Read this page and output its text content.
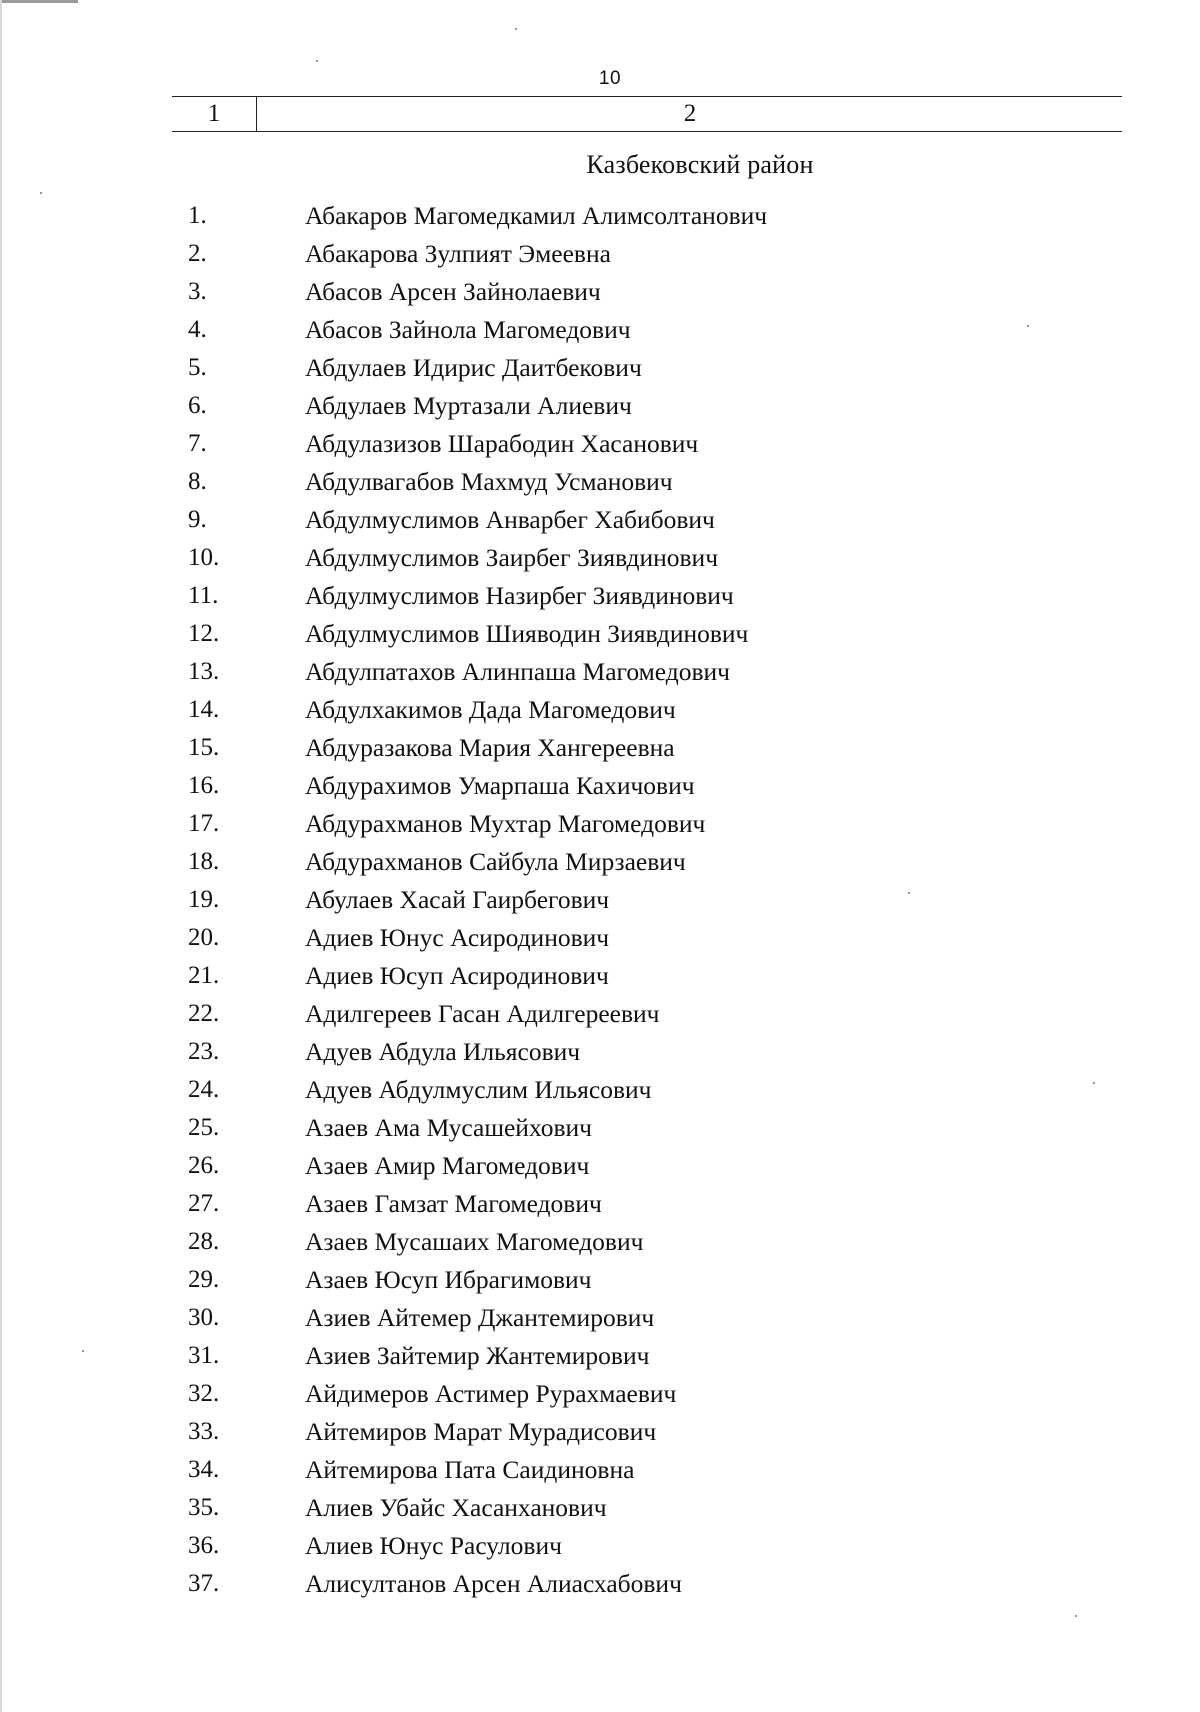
10
1	2
Казбековский район
1.	Абакаров Магомедкамил Алимсолтанович
2.	Абакарова Зулпият Эмеевна
3.	Абасов Арсен Зайнолаевич
4.	Абасов Зайнола Магомедович
5.	Абдулаев Идирис Даитбекович
6.	Абдулаев Муртазали Алиевич
7.	Абдулазизов Шарабодин Хасанович
8.	Абдулвагабов Махмуд Усманович
9.	Абдулмуслимов Анварбег Хабибович
10.	Абдулмуслимов Заирбег Зиявдинович
11.	Абдулмуслимов Назирбег Зиявдинович
12.	Абдулмуслимов Шияводин Зиявдинович
13.	Абдулпатахов Алинпаша Магомедович
14.	Абдулхакимов Дада Магомедович
15.	Абдуразакова Мария Хангереевна
16.	Абдурахимов Умарпаша Кахичович
17.	Абдурахманов Мухтар Магомедович
18.	Абдурахманов Сайбула Мирзаевич
19.	Абулаев Хасай Гаирбегович
20.	Адиев Юнус Асиродинович
21.	Адиев Юсуп Асиродинович
22.	Адилгереев Гасан Адилгереевич
23.	Адуев Абдула Ильясович
24.	Адуев Абдулмуслим Ильясович
25.	Азаев Ама Мусашейхович
26.	Азаев Амир Магомедович
27.	Азаев Гамзат Магомедович
28.	Азаев Мусашаих Магомедович
29.	Азаев Юсуп Ибрагимович
30.	Азиев Айтемер Джантемирович
31.	Азиев Зайтемир Жантемирович
32.	Айдимеров Астимер Рурахмаевич
33.	Айтемиров Марат Мурадисович
34.	Айтемирова Пата Саидиновна
35.	Алиев Убайс Хасанханович
36.	Алиев Юнус Расулович
37.	Алисултанов Арсен Алиасхабович
